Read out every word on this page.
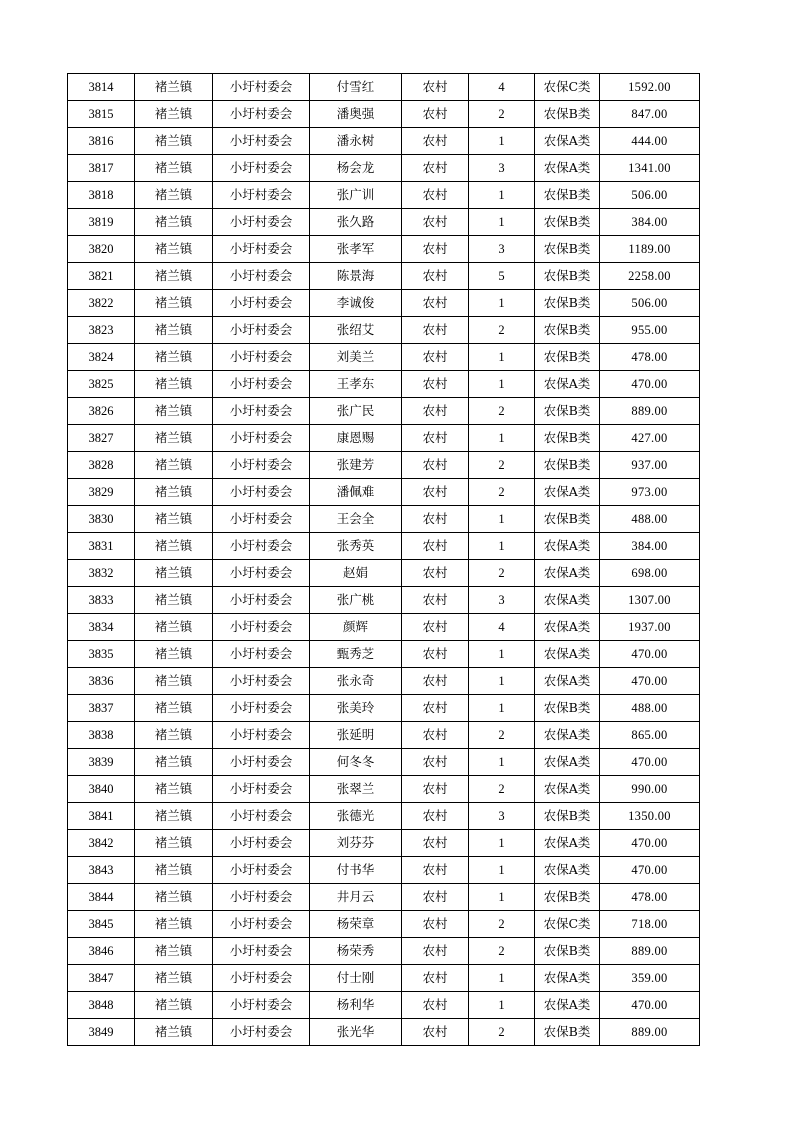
3814	褚兰镇	小圩村委会	付雪红	农村	4	农保C类	1592.00
3815	褚兰镇	小圩村委会	潘奥强	农村	2	农保B类	847.00
3816	褚兰镇	小圩村委会	潘永树	农村	1	农保A类	444.00
3817	褚兰镇	小圩村委会	杨会龙	农村	3	农保A类	1341.00
3818	褚兰镇	小圩村委会	张广训	农村	1	农保B类	506.00
3819	褚兰镇	小圩村委会	张久路	农村	1	农保B类	384.00
3820	褚兰镇	小圩村委会	张孝军	农村	3	农保B类	1189.00
3821	褚兰镇	小圩村委会	陈景海	农村	5	农保B类	2258.00
3822	褚兰镇	小圩村委会	李诚俊	农村	1	农保B类	506.00
3823	褚兰镇	小圩村委会	张绍艾	农村	2	农保B类	955.00
3824	褚兰镇	小圩村委会	刘美兰	农村	1	农保B类	478.00
3825	褚兰镇	小圩村委会	王孝东	农村	1	农保A类	470.00
3826	褚兰镇	小圩村委会	张广民	农村	2	农保B类	889.00
3827	褚兰镇	小圩村委会	康恩赐	农村	1	农保B类	427.00
3828	褚兰镇	小圩村委会	张建芳	农村	2	农保B类	937.00
3829	褚兰镇	小圩村委会	潘佩难	农村	2	农保A类	973.00
3830	褚兰镇	小圩村委会	王会全	农村	1	农保B类	488.00
3831	褚兰镇	小圩村委会	张秀英	农村	1	农保A类	384.00
3832	褚兰镇	小圩村委会	赵娟	农村	2	农保A类	698.00
3833	褚兰镇	小圩村委会	张广桃	农村	3	农保A类	1307.00
3834	褚兰镇	小圩村委会	颜辉	农村	4	农保A类	1937.00
3835	褚兰镇	小圩村委会	甄秀芝	农村	1	农保A类	470.00
3836	褚兰镇	小圩村委会	张永奇	农村	1	农保A类	470.00
3837	褚兰镇	小圩村委会	张美玲	农村	1	农保B类	488.00
3838	褚兰镇	小圩村委会	张延明	农村	2	农保A类	865.00
3839	褚兰镇	小圩村委会	何冬冬	农村	1	农保A类	470.00
3840	褚兰镇	小圩村委会	张翠兰	农村	2	农保A类	990.00
3841	褚兰镇	小圩村委会	张德光	农村	3	农保B类	1350.00
3842	褚兰镇	小圩村委会	刘芬芬	农村	1	农保A类	470.00
3843	褚兰镇	小圩村委会	付书华	农村	1	农保A类	470.00
3844	褚兰镇	小圩村委会	井月云	农村	1	农保B类	478.00
3845	褚兰镇	小圩村委会	杨荣章	农村	2	农保C类	718.00
3846	褚兰镇	小圩村委会	杨荣秀	农村	2	农保B类	889.00
3847	褚兰镇	小圩村委会	付士刚	农村	1	农保A类	359.00
3848	褚兰镇	小圩村委会	杨利华	农村	1	农保A类	470.00
3849	褚兰镇	小圩村委会	张光华	农村	2	农保B类	889.00
